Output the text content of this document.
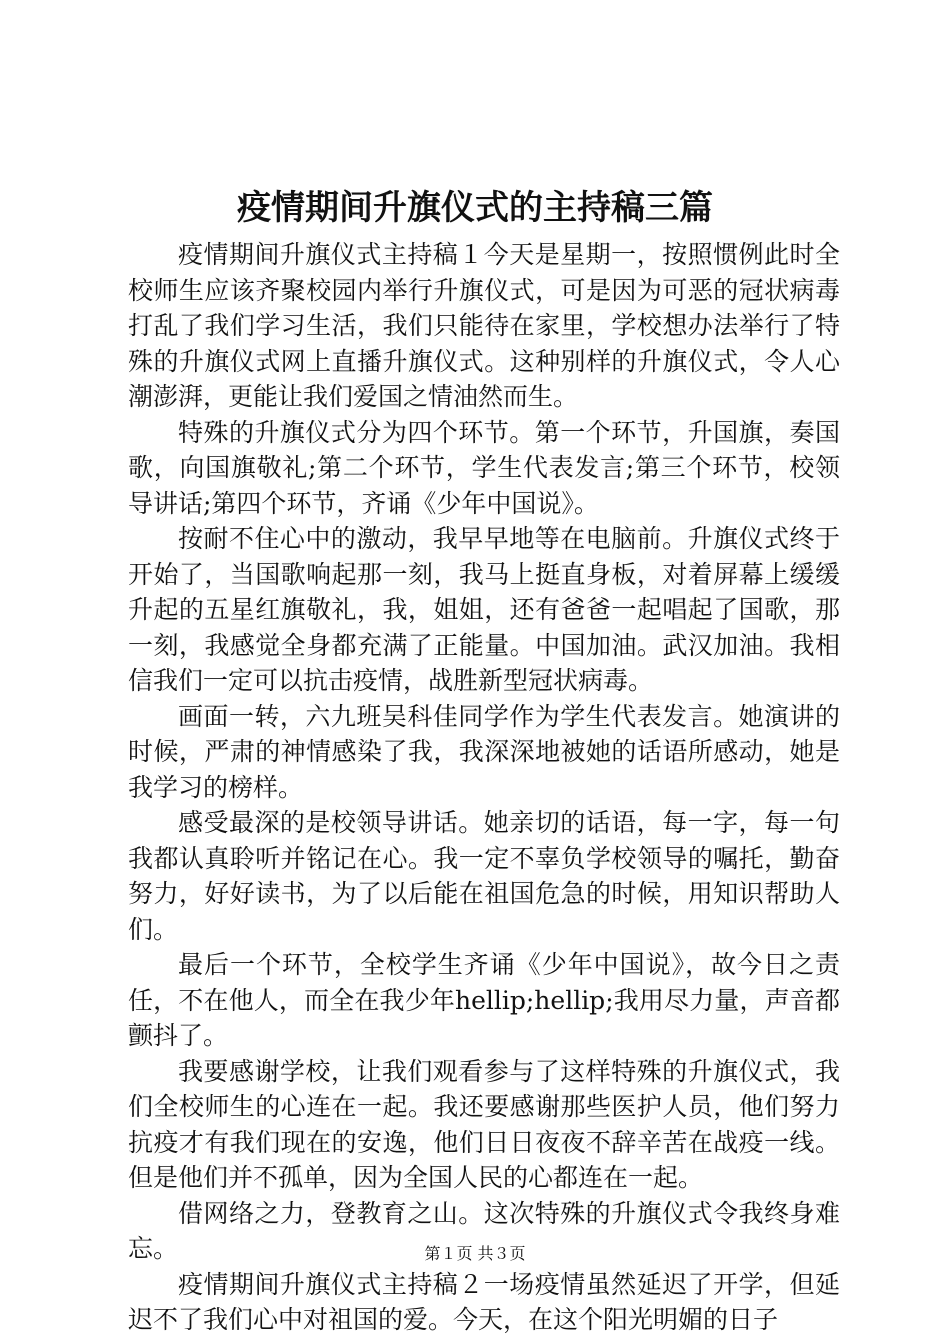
疫情期间升旗仪式的主持稿三篇

疫情期间升旗仪式主持稿１今天是星期一，按照惯例此时全校师生应该齐聚校园内举行升旗仪式，可是因为可恶的冠状病毒打乱了我们学习生活，我们只能待在家里，学校想办法举行了特殊的升旗仪式网上直播升旗仪式。这种别样的升旗仪式，令人心潮澎湃，更能让我们爱国之情油然而生。

特殊的升旗仪式分为四个环节。第一个环节，升国旗，奏国歌，向国旗敬礼;第二个环节，学生代表发言;第三个环节，校领导讲话;第四个环节，齐诵《少年中国说》。

按耐不住心中的激动，我早早地等在电脑前。升旗仪式终于开始了，当国歌响起那一刻，我马上挺直身板，对着屏幕上缓缓升起的五星红旗敬礼，我，姐姐，还有爸爸一起唱起了国歌，那一刻，我感觉全身都充满了正能量。中国加油。武汉加油。我相信我们一定可以抗击疫情，战胜新型冠状病毒。

画面一转，六九班吴科佳同学作为学生代表发言。她演讲的时候，严肃的神情感染了我，我深深地被她的话语所感动，她是我学习的榜样。

感受最深的是校领导讲话。她亲切的话语，每一字，每一句我都认真聆听并铭记在心。我一定不辜负学校领导的嘱托，勤奋努力，好好读书，为了以后能在祖国危急的时候，用知识帮助人们。

最后一个环节，全校学生齐诵《少年中国说》，故今日之责任，不在他人，而全在我少年hellip;hellip;我用尽力量，声音都颤抖了。

我要感谢学校，让我们观看参与了这样特殊的升旗仪式，我们全校师生的心连在一起。我还要感谢那些医护人员，他们努力抗疫才有我们现在的安逸，他们日日夜夜不辞辛苦在战疫一线。但是他们并不孤单，因为全国人民的心都连在一起。

借网络之力，登教育之山。这次特殊的升旗仪式令我终身难忘。

疫情期间升旗仪式主持稿２一场疫情虽然延迟了开学，但延迟不了我们心中对祖国的爱。今天，在这个阳光明媚的日子

第１页 共３页
